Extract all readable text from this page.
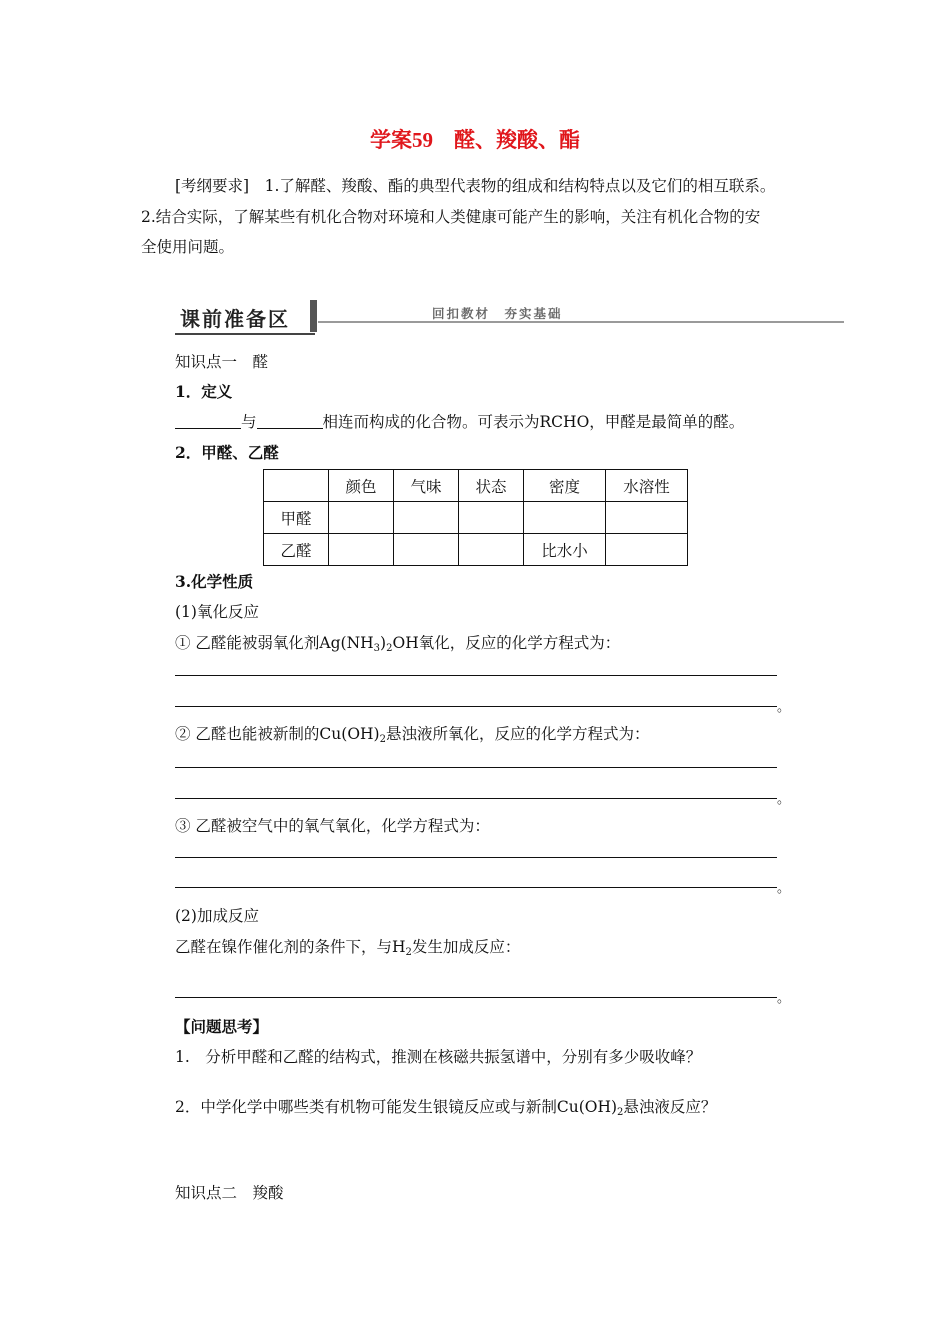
学案59　醛、羧酸、酯
[考纲要求]　1.了解醛、羧酸、酯的典型代表物的组成和结构特点以及它们的相互联系。
2.结合实际，了解某些有机化合物对环境和人类健康可能产生的影响，关注有机化合物的安
全使用问题。
课前准备区	回扣教材　夯实基础
知识点一　醛
1．定义
与	相连而构成的化合物。可表示为RCHO，甲醛是最简单的醛。
2．甲醛、乙醛
	颜色	气味	状态	密度	水溶性
甲醛					
乙醛				比水小	
3.化学性质
(1)氧化反应
① 乙醛能被弱氧化剂$Ag(NH_3)_2OH$氧化，反应的化学方程式为：
。
② 乙醛也能被新制的$Cu(OH)_2$悬浊液所氧化，反应的化学方程式为：
。
③ 乙醛被空气中的氧气氧化，化学方程式为：
。
(2)加成反应
乙醛在镍作催化剂的条件下，与$H_2$发生加成反应：
。
【问题思考】
1.　分析甲醛和乙醛的结构式，推测在核磁共振氢谱中，分别有多少吸收峰？
2．中学化学中哪些类有机物可能发生银镜反应或与新制$Cu(OH)_2$悬浊液反应？
知识点二　羧酸
